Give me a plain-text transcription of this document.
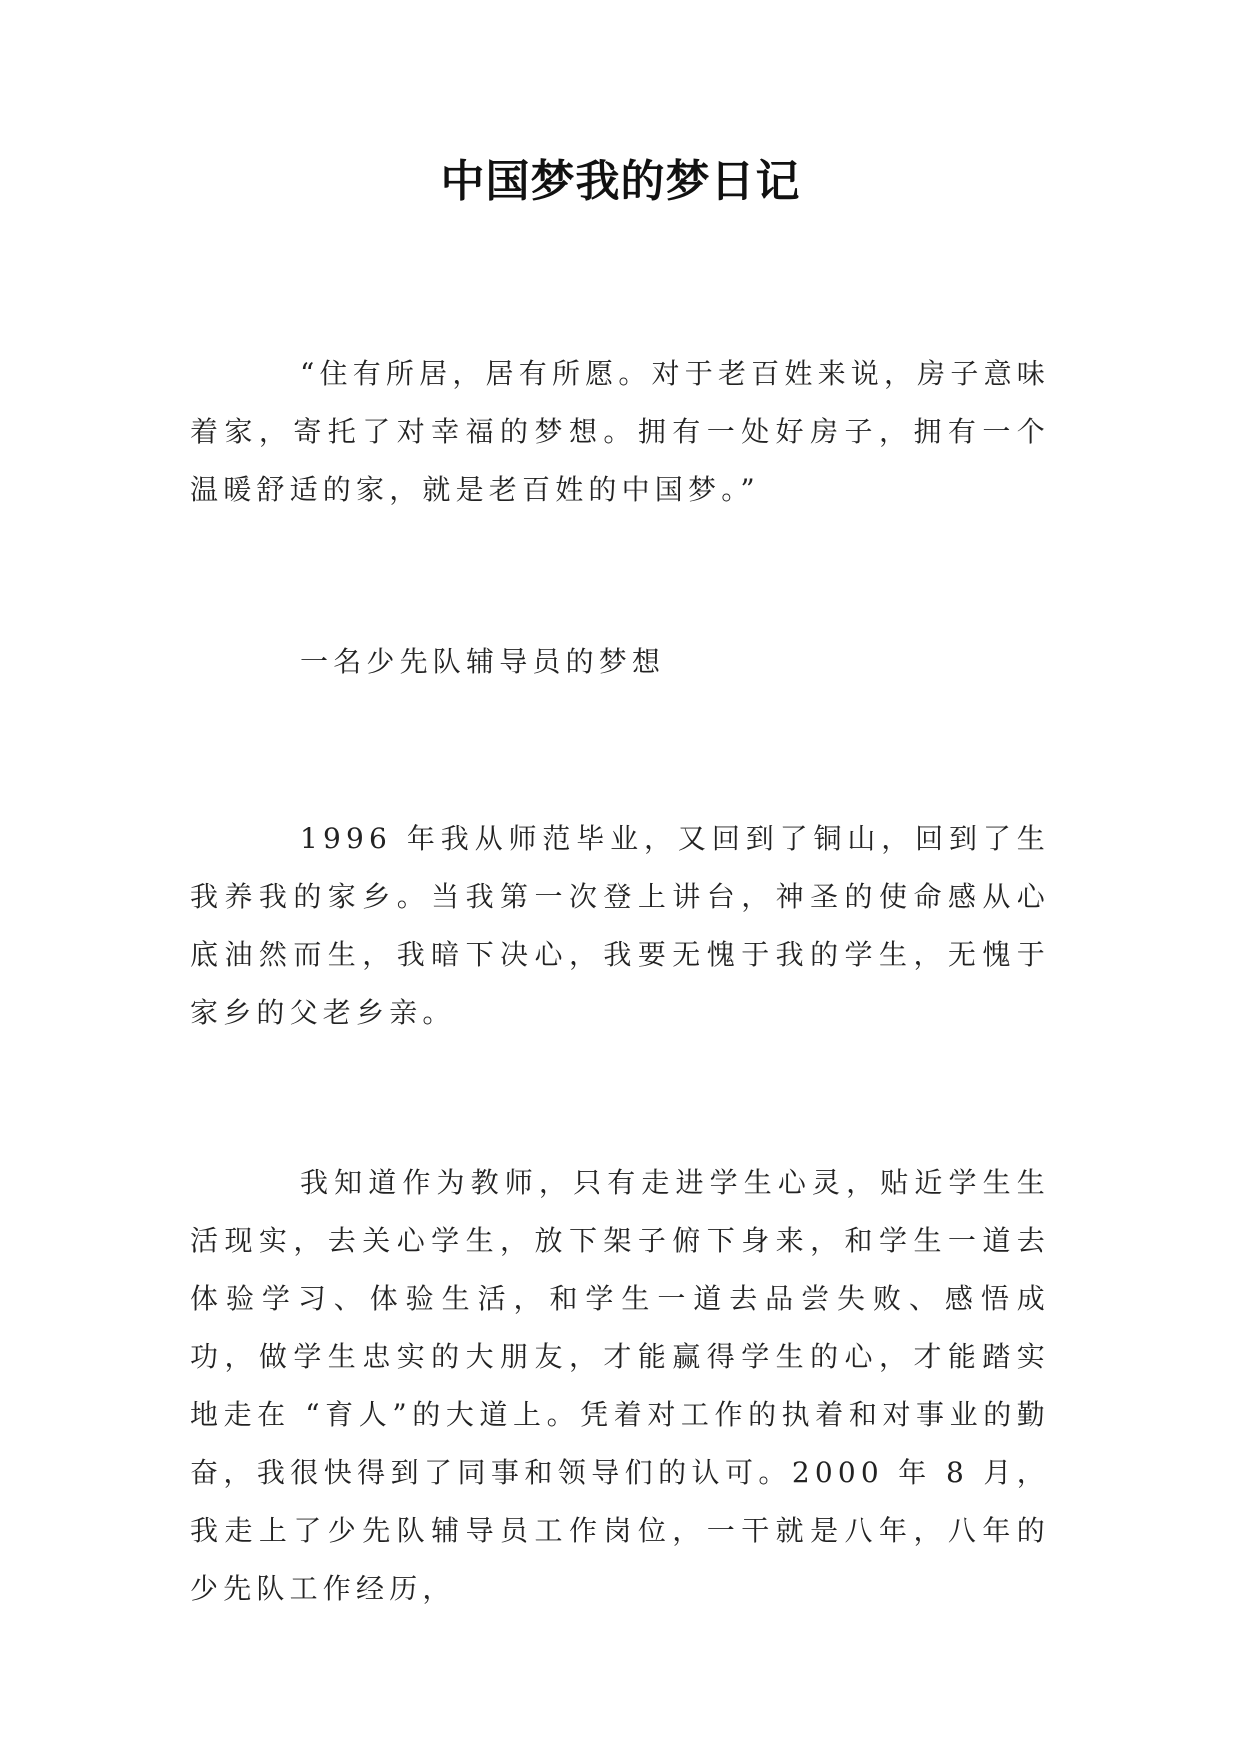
中国梦我的梦日记

“住有所居，居有所愿。对于老百姓来说，房子意味着家，寄托了对幸福的梦想。拥有一处好房子，拥有一个温暖舒适的家，就是老百姓的中国梦。”

一名少先队辅导员的梦想

1996 年我从师范毕业，又回到了铜山，回到了生我养我的家乡。当我第一次登上讲台，神圣的使命感从心底油然而生，我暗下决心，我要无愧于我的学生，无愧于家乡的父老乡亲。

我知道作为教师，只有走进学生心灵，贴近学生生活现实，去关心学生，放下架子俯下身来，和学生一道去体验学习、体验生活，和学生一道去品尝失败、感悟成功，做学生忠实的大朋友，才能赢得学生的心，才能踏实地走在 “育人”的大道上。凭着对工作的执着和对事业的勤奋，我很快得到了同事和领导们的认可。2000 年 8 月，我走上了少先队辅导员工作岗位，一干就是八年，八年的少先队工作经历，
